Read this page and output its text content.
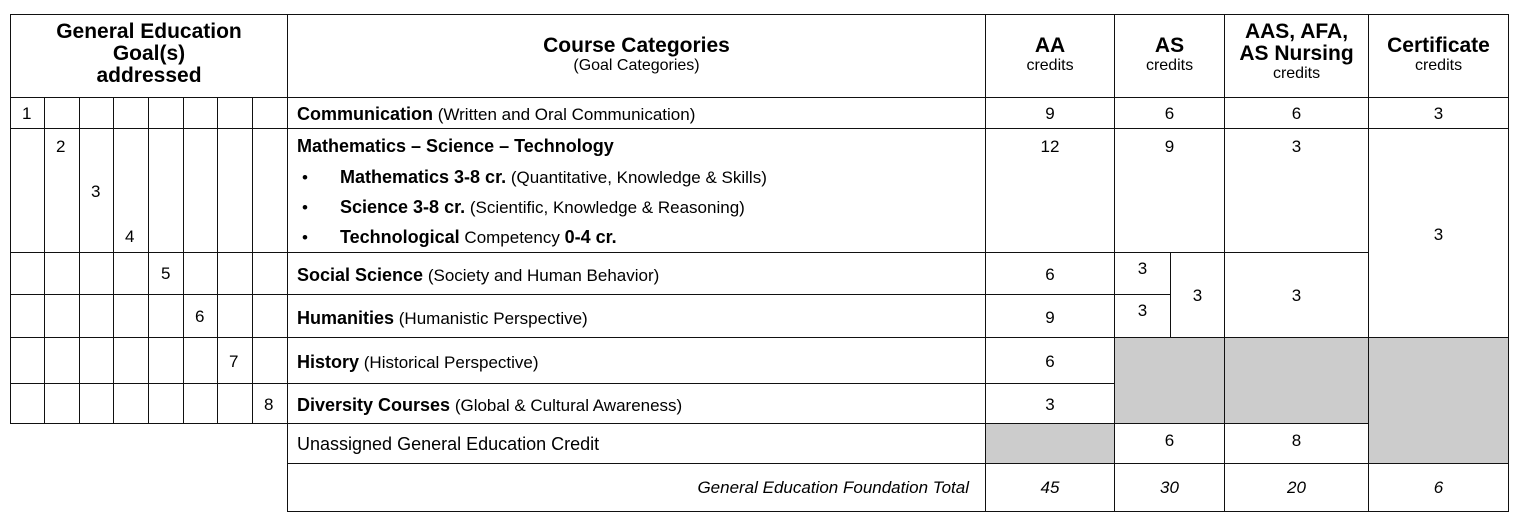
General Education
Goal(s)
addressed
Course Categories
(Goal Categories)
AA
credits
AS
credits
AAS, AFA,
AS Nursing
credits
Certificate
credits
1
2
3
4
5
6
7
8
Communication (Written and Oral Communication)
Mathematics – Science – Technology
• Mathematics 3-8 cr. (Quantitative, Knowledge & Skills)
• Science 3-8 cr. (Scientific, Knowledge & Reasoning)
• Technological Competency 0-4 cr.
Social Science (Society and Human Behavior)
Humanities (Humanistic Perspective)
History (Historical Perspective)
Diversity Courses (Global & Cultural Awareness)
Unassigned General Education Credit
General Education Foundation Total
9
12
6
9
6
3
45
6
9
3
3
3
6
30
6
3
3
8
20
3
3
6
